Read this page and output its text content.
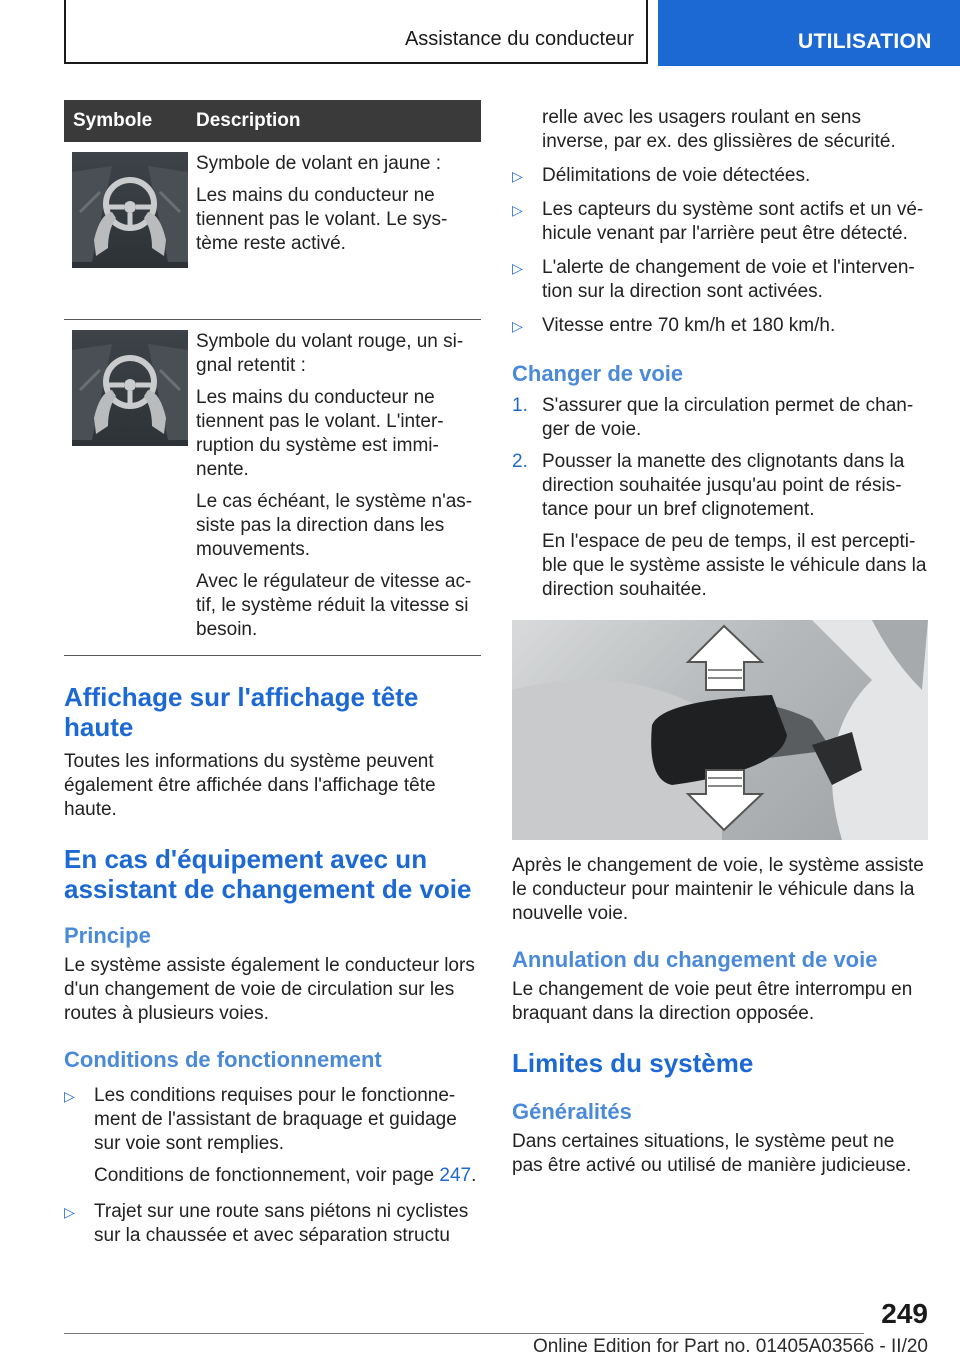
Assistance du conducteur	UTILISATION
Symbole	Description

Symbole de volant en jaune :

Les mains du conducteur ne tiennent pas le volant. Le système reste activé.

Symbole du volant rouge, un signal retentit :

Les mains du conducteur ne tiennent pas le volant. L'interruption du système est imminente.

Le cas échéant, le système n'assiste pas la direction dans les mouvements.

Avec le régulateur de vitesse actif, le système réduit la vitesse si besoin.

Affichage sur l'affichage tête haute

Toutes les informations du système peuvent également être affichée dans l'affichage tête haute.

En cas d'équipement avec un assistant de changement de voie
Principe

Le système assiste également le conducteur lors d'un changement de voie de circulation sur les routes à plusieurs voies.

Conditions de fonctionnement
▷ Les conditions requises pour le fonctionnement de l'assistant de braquage et guidage sur voie sont remplies.
Conditions de fonctionnement, voir page 247.
▷ Trajet sur une route sans piétons ni cyclistes sur la chaussée et avec séparation structu
relle avec les usagers roulant en sens inverse, par ex. des glissières de sécurité.
▷ Délimitations de voie détectées.
▷ Les capteurs du système sont actifs et un véhicule venant par l'arrière peut être détecté.
▷ L'alerte de changement de voie et l'intervention sur la direction sont activées.
▷ Vitesse entre 70 km/h et 180 km/h.
Changer de voie
1. S'assurer que la circulation permet de changer de voie.
2. Pousser la manette des clignotants dans la direction souhaitée jusqu'au point de résistance pour un bref clignotement.
En l'espace de peu de temps, il est perceptible que le système assiste le véhicule dans la direction souhaitée.

Après le changement de voie, le système assiste le conducteur pour maintenir le véhicule dans la nouvelle voie.

Annulation du changement de voie

Le changement de voie peut être interrompu en braquant dans la direction opposée.

Limites du système
Généralités

Dans certaines situations, le système peut ne pas être activé ou utilisé de manière judicieuse.

249
Online Edition for Part no. 01405A03566 - II/20
